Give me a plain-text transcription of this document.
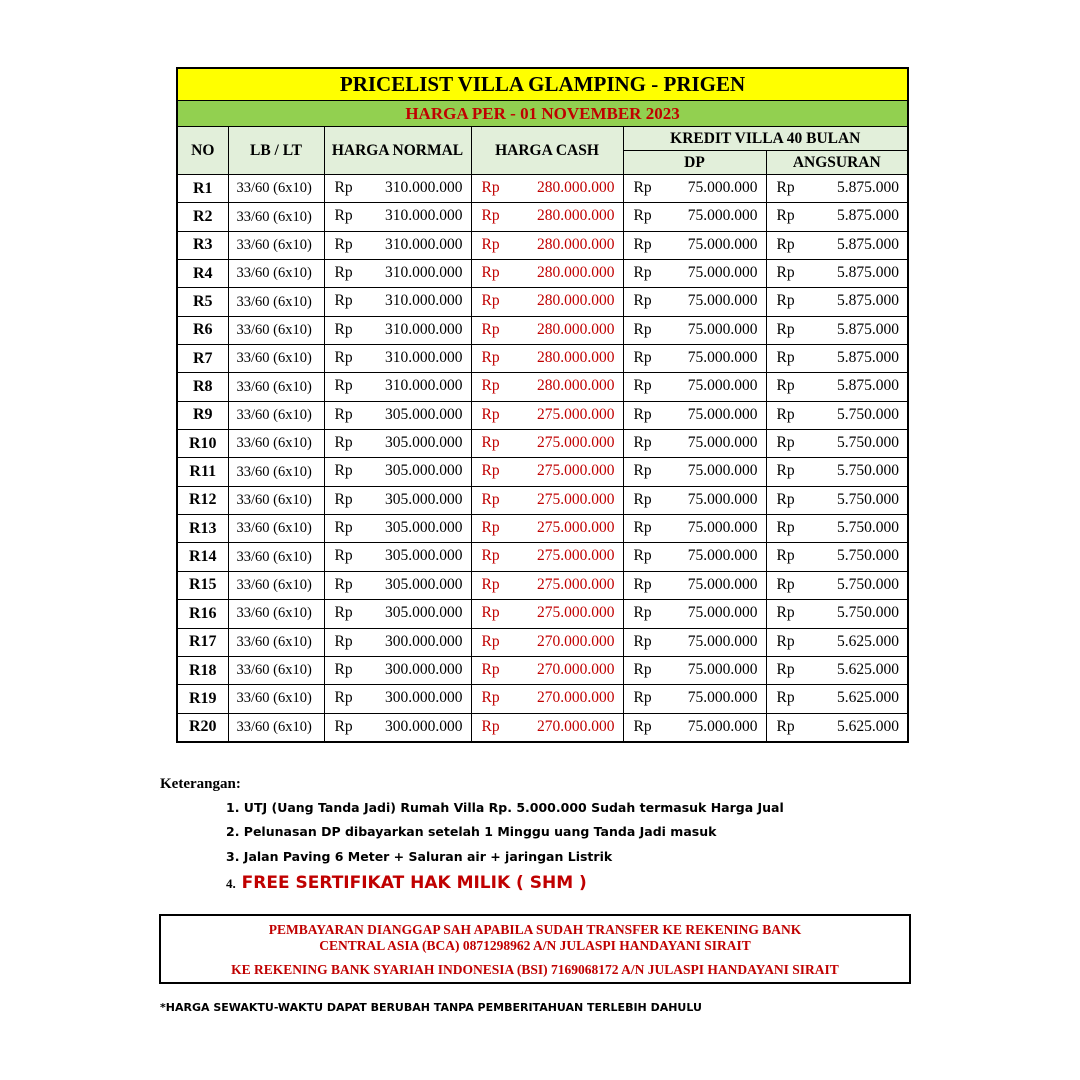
PRICELIST VILLA GLAMPING - PRIGEN					
HARGA PER - 01 NOVEMBER 2023					
NO	LB / LT	HARGA NORMAL	HARGA CASH	KREDIT VILLA 40 BULAN	
				DP	ANGSURAN
R1	33/60 (6x10)	Rp 310.000.000	Rp 280.000.000	Rp 75.000.000	Rp 5.875.000

R2	33/60 (6x10)	Rp 310.000.000	Rp 280.000.000	Rp 75.000.000	Rp 5.875.000

R3	33/60 (6x10)	Rp 310.000.000	Rp 280.000.000	Rp 75.000.000	Rp 5.875.000

R4	33/60 (6x10)	Rp 310.000.000	Rp 280.000.000	Rp 75.000.000	Rp 5.875.000

R5	33/60 (6x10)	Rp 310.000.000	Rp 280.000.000	Rp 75.000.000	Rp 5.875.000

R6	33/60 (6x10)	Rp 310.000.000	Rp 280.000.000	Rp 75.000.000	Rp 5.875.000

R7	33/60 (6x10)	Rp 310.000.000	Rp 280.000.000	Rp 75.000.000	Rp 5.875.000

R8	33/60 (6x10)	Rp 310.000.000	Rp 280.000.000	Rp 75.000.000	Rp 5.875.000

R9	33/60 (6x10)	Rp 305.000.000	Rp 275.000.000	Rp 75.000.000	Rp 5.750.000

R10	33/60 (6x10)	Rp 305.000.000	Rp 275.000.000	Rp 75.000.000	Rp 5.750.000

R11	33/60 (6x10)	Rp 305.000.000	Rp 275.000.000	Rp 75.000.000	Rp 5.750.000

R12	33/60 (6x10)	Rp 305.000.000	Rp 275.000.000	Rp 75.000.000	Rp 5.750.000

R13	33/60 (6x10)	Rp 305.000.000	Rp 275.000.000	Rp 75.000.000	Rp 5.750.000

R14	33/60 (6x10)	Rp 305.000.000	Rp 275.000.000	Rp 75.000.000	Rp 5.750.000

R15	33/60 (6x10)	Rp 305.000.000	Rp 275.000.000	Rp 75.000.000	Rp 5.750.000

R16	33/60 (6x10)	Rp 305.000.000	Rp 275.000.000	Rp 75.000.000	Rp 5.750.000

R17	33/60 (6x10)	Rp 300.000.000	Rp 270.000.000	Rp 75.000.000	Rp 5.625.000

R18	33/60 (6x10)	Rp 300.000.000	Rp 270.000.000	Rp 75.000.000	Rp 5.625.000

R19	33/60 (6x10)	Rp 300.000.000	Rp 270.000.000	Rp 75.000.000	Rp 5.625.000

R20	33/60 (6x10)	Rp 300.000.000	Rp 270.000.000	Rp 75.000.000	Rp 5.625.000
Keterangan:
1. UTJ (Uang Tanda Jadi) Rumah Villa Rp. 5.000.000 Sudah termasuk Harga Jual
2. Pelunasan DP dibayarkan setelah 1 Minggu uang Tanda Jadi masuk
3. Jalan Paving 6 Meter + Saluran air + jaringan Listrik
4. FREE SERTIFIKAT HAK MILIK ( SHM )
PEMBAYARAN DIANGGAP SAH APABILA SUDAH TRANSFER KE REKENING BANK
CENTRAL ASIA (BCA) 0871298962 A/N JULASPI HANDAYANI SIRAIT
KE REKENING BANK SYARIAH INDONESIA (BSI) 7169068172 A/N JULASPI HANDAYANI SIRAIT
*HARGA SEWAKTU-WAKTU DAPAT BERUBAH TANPA PEMBERITAHUAN TERLEBIH DAHULU
